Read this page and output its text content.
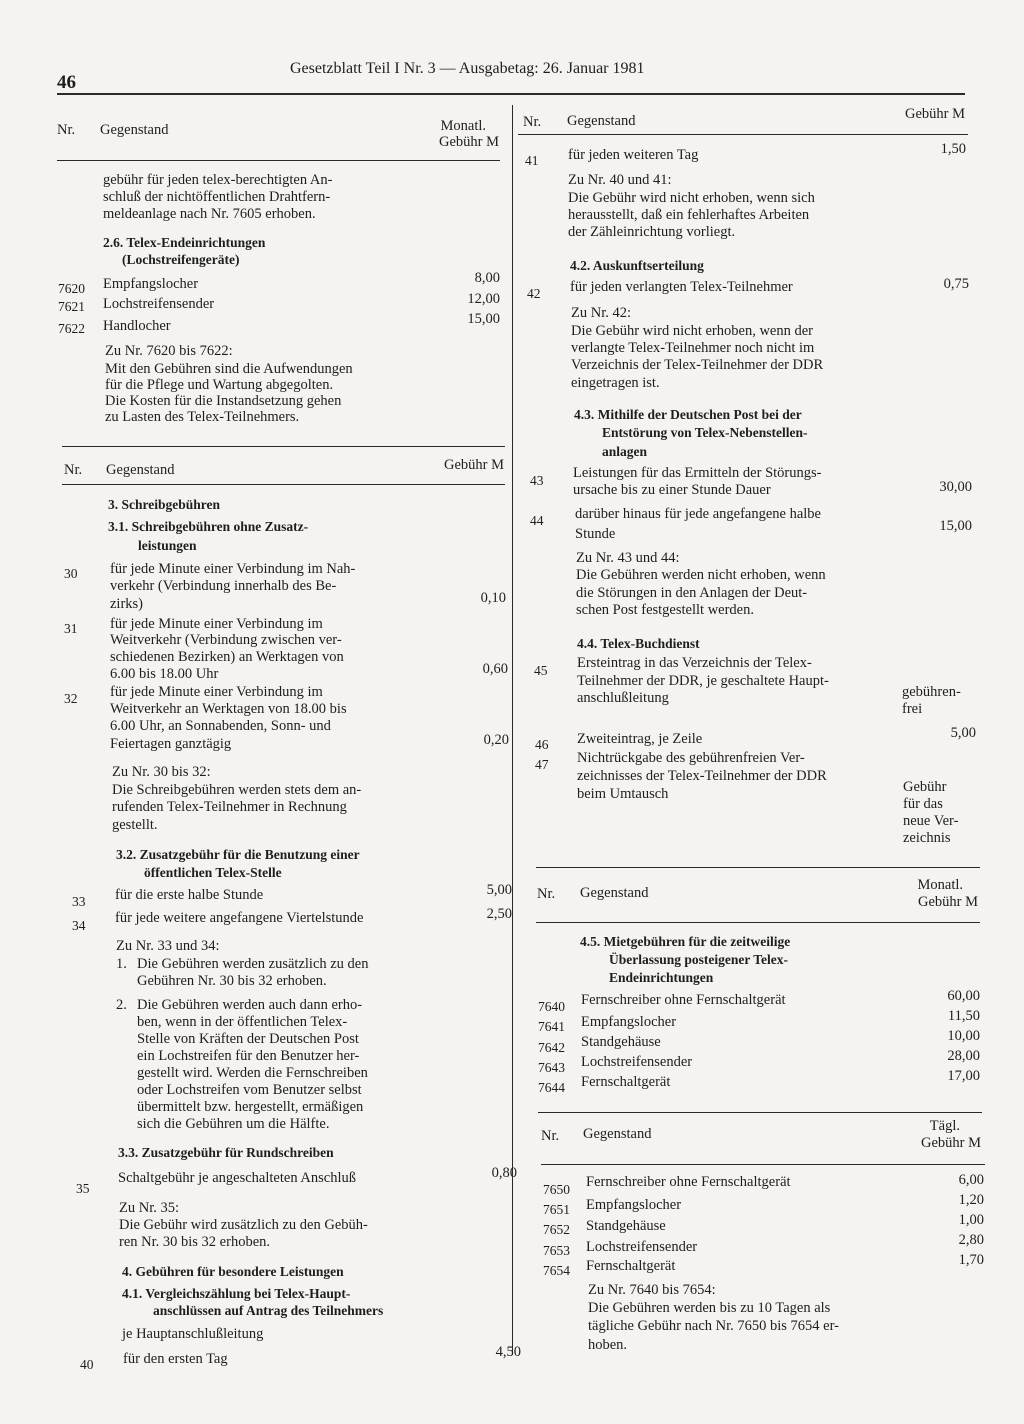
46
Gesetzblatt Teil I Nr. 3 — Ausgabetag: 26. Januar 1981
Nr. Gegenstand	Monatl.
Gebühr M
gebühr für jeden telex-berechtigten An-
schluß der nichtöffentlichen Drahtfern-
meldeanlage nach Nr. 7605 erhoben.
2.6. Telex-Endeinrichtungen
(Lochstreifengeräte)
7620 Empfangslocher	8,00
7621 Lochstreifensender	12,00
7622 Handlocher	15,00
Zu Nr. 7620 bis 7622:
Mit den Gebühren sind die Aufwendungen
für die Pflege und Wartung abgegolten.
Die Kosten für die Instandsetzung gehen
zu Lasten des Telex-Teilnehmers.
Nr. Gegenstand	Gebühr M
3. Schreibgebühren
3.1. Schreibgebühren ohne Zusatz-
leistungen
30 für jede Minute einer Verbindung im Nah-
verkehr (Verbindung innerhalb des Be-
zirks)	0,10
31 für jede Minute einer Verbindung im
Weitverkehr (Verbindung zwischen ver-
schiedenen Bezirken) an Werktagen von
6.00 bis 18.00 Uhr	0,60
32 für jede Minute einer Verbindung im
Weitverkehr an Werktagen von 18.00 bis
6.00 Uhr, an Sonnabenden, Sonn- und
Feiertagen ganztägig	0,20
Zu Nr. 30 bis 32:
Die Schreibgebühren werden stets dem an-
rufenden Telex-Teilnehmer in Rechnung
gestellt.
3.2. Zusatzgebühr für die Benutzung einer
öffentlichen Telex-Stelle
33 für die erste halbe Stunde	5,00
34 für jede weitere angefangene Viertelstunde	2,50
Zu Nr. 33 und 34:
1. Die Gebühren werden zusätzlich zu den
Gebühren Nr. 30 bis 32 erhoben.
2. Die Gebühren werden auch dann erho-
ben, wenn in der öffentlichen Telex-
Stelle von Kräften der Deutschen Post
ein Lochstreifen für den Benutzer her-
gestellt wird. Werden die Fernschreiben
oder Lochstreifen vom Benutzer selbst
übermittelt bzw. hergestellt, ermäßigen
sich die Gebühren um die Hälfte.
3.3. Zusatzgebühr für Rundschreiben
35
Schaltgebühr je angeschalteten Anschluß	0,80
Zu Nr. 35:
Die Gebühr wird zusätzlich zu den Gebüh-
ren Nr. 30 bis 32 erhoben.
4. Gebühren für besondere Leistungen
4.1. Vergleichszählung bei Telex-Haupt-
anschlüssen auf Antrag des Teilnehmers
je Hauptanschlußleitung
40 für den ersten Tag	4,50
Nr. Gegenstand	Gebühr M
41 für jeden weiteren Tag	1,50
Zu Nr. 40 und 41:
Die Gebühr wird nicht erhoben, wenn sich
herausstellt, daß ein fehlerhaftes Arbeiten
der Zähleinrichtung vorliegt.
4.2. Auskunftserteilung
42 für jeden verlangten Telex-Teilnehmer	0,75
Zu Nr. 42:
Die Gebühr wird nicht erhoben, wenn der
verlangte Telex-Teilnehmer noch nicht im
Verzeichnis der Telex-Teilnehmer der DDR
eingetragen ist.
4.3. Mithilfe der Deutschen Post bei der
Entstörung von Telex-Nebenstellen-
anlagen
43 Leistungen für das Ermitteln der Störungs-
ursache bis zu einer Stunde Dauer	30,00
44 darüber hinaus für jede angefangene halbe
Stunde	15,00
Zu Nr. 43 und 44:
Die Gebühren werden nicht erhoben, wenn
die Störungen in den Anlagen der Deut-
schen Post festgestellt werden.
4.4. Telex-Buchdienst
45 Ersteintrag in das Verzeichnis der Telex-
Teilnehmer der DDR, je geschaltete Haupt-
anschlußleitung	gebühren-
frei
46 Zweiteintrag, je Zeile	5,00
47 Nichtrückgabe des gebührenfreien Ver-
zeichnisses der Telex-Teilnehmer der DDR
beim Umtausch	Gebühr
für das
neue Ver-
zeichnis
Nr. Gegenstand	Monatl.
Gebühr M
4.5. Mietgebühren für die zeitweilige
Überlassung posteigener Telex-
Endeinrichtungen
7640 Fernschreiber ohne Fernschaltgerät	60,00
7641 Empfangslocher	11,50
7642 Standgehäuse	10,00
7643 Lochstreifensender	28,00
7644 Fernschaltgerät	17,00
Nr. Gegenstand	Tägl.
Gebühr M
7650 Fernschreiber ohne Fernschaltgerät	6,00
7651 Empfangslocher	1,20
7652 Standgehäuse	1,00
7653 Lochstreifensender	2,80
7654 Fernschaltgerät	1,70
Zu Nr. 7640 bis 7654:
Die Gebühren werden bis zu 10 Tagen als
tägliche Gebühr nach Nr. 7650 bis 7654 er-
hoben.
